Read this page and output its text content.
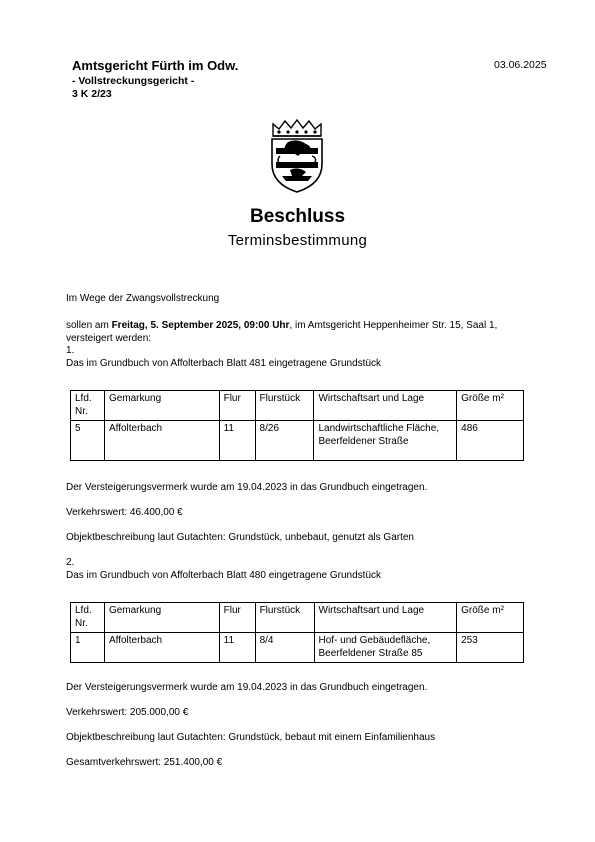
Amtsgericht Fürth im Odw.
- Vollstreckungsgericht -
3 K 2/23
03.06.2025
Beschluss
Terminsbestimmung
Im Wege der Zwangsvollstreckung
sollen am Freitag, 5. September 2025, 09:00 Uhr, im Amtsgericht Heppenheimer Str. 15, Saal 1, versteigert werden:
1.
Das im Grundbuch von Affolterbach Blatt 481 eingetragene Grundstück
Lfd. Nr.	Gemarkung	Flur	Flurstück	Wirtschaftsart und Lage	Größe m²
5	Affolterbach	11	8/26	Landwirtschaftliche Fläche, Beerfeldener Straße	486
Der Versteigerungsvermerk wurde am 19.04.2023 in das Grundbuch eingetragen.
Verkehrswert: 46.400,00 €
Objektbeschreibung laut Gutachten: Grundstück, unbebaut, genutzt als Garten
2.
Das im Grundbuch von Affolterbach Blatt 480 eingetragene Grundstück
Lfd. Nr.	Gemarkung	Flur	Flurstück	Wirtschaftsart und Lage	Größe m²
1	Affolterbach	11	8/4	Hof- und Gebäudefläche, Beerfeldener Straße 85	253
Der Versteigerungsvermerk wurde am 19.04.2023 in das Grundbuch eingetragen.
Verkehrswert: 205.000,00 €
Objektbeschreibung laut Gutachten: Grundstück, bebaut mit einem Einfamilienhaus
Gesamtverkehrswert: 251.400,00 €
